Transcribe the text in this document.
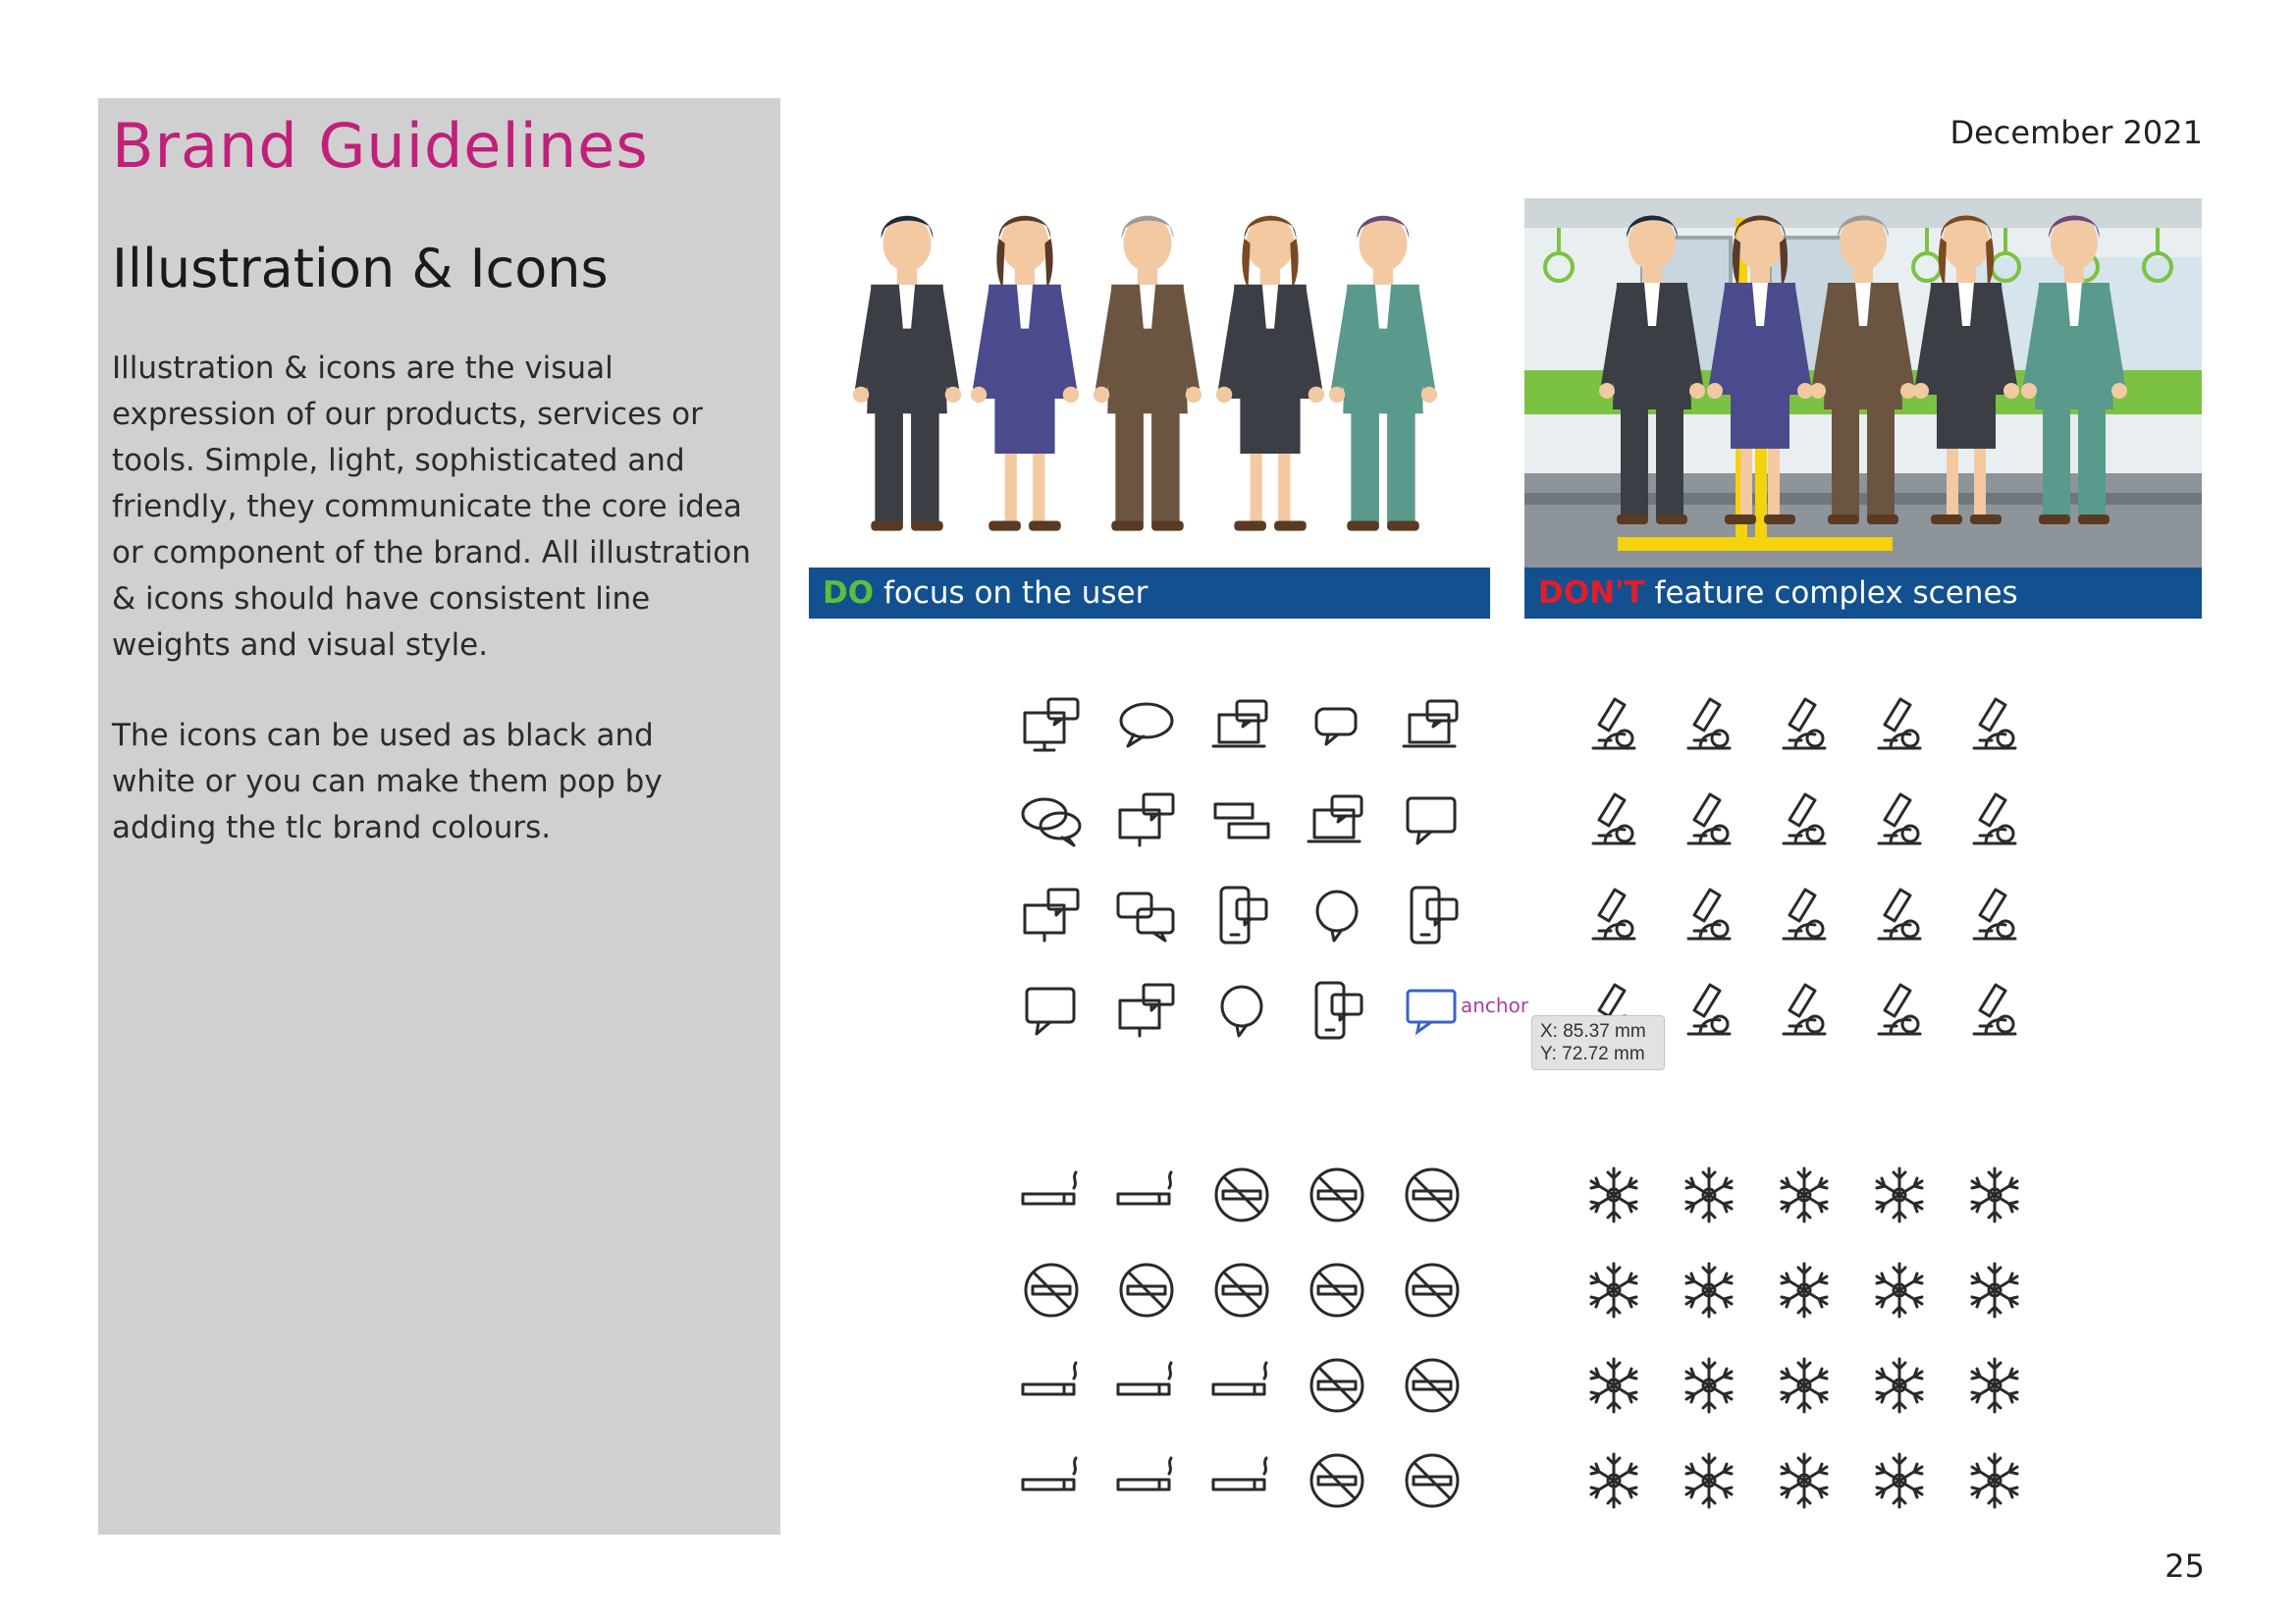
Brand Guidelines
Illustration & Icons

Illustration & icons are the visual expression of our products, services or tools. Simple, light, sophisticated and friendly, they communicate the core idea or component of the brand. All illustration & icons should have consistent line weights and visual style.

The icons can be used as black and white or you can make them pop by adding the tlc brand colours.

December 2021
DO focus on the user	DON'T feature complex scenes
anchor
X: 85.37 mm
Y: 72.72 mm
25
